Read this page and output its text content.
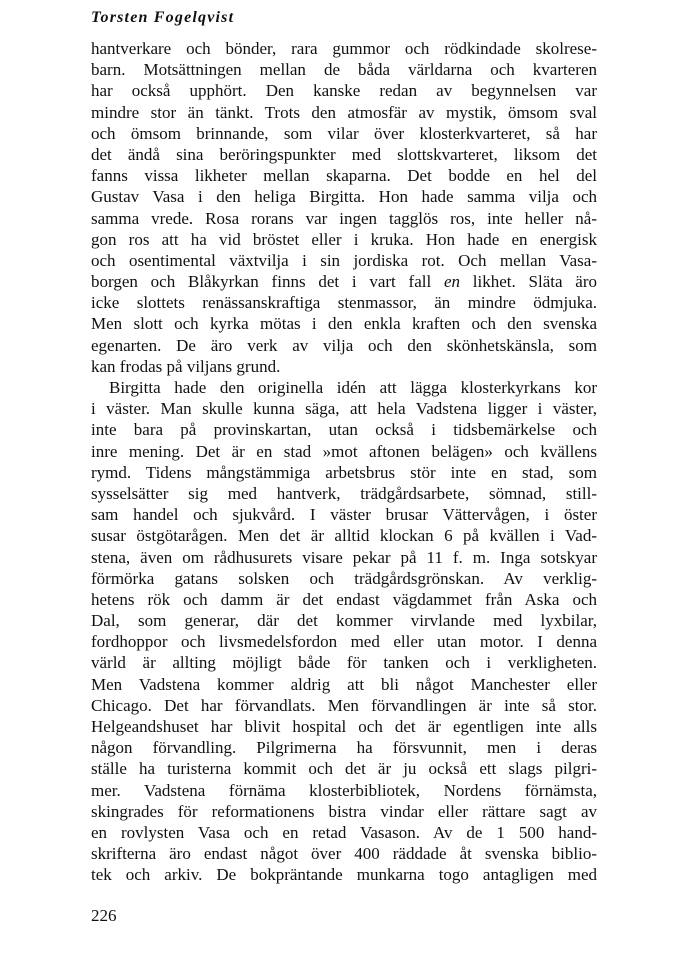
Torsten Fogelqvist
hantverkare och bönder, rara gummor och rödkindade skolrese-
barn. Motsättningen mellan de båda världarna och kvarteren
har också upphört. Den kanske redan av begynnelsen var
mindre stor än tänkt. Trots den atmosfär av mystik, ömsom sval
och ömsom brinnande, som vilar över klosterkvarteret, så har
det ändå sina beröringspunkter med slottskvarteret, liksom det
fanns vissa likheter mellan skaparna. Det bodde en hel del
Gustav Vasa i den heliga Birgitta. Hon hade samma vilja och
samma vrede. Rosa rorans var ingen tagglös ros, inte heller nå-
gon ros att ha vid bröstet eller i kruka. Hon hade en energisk
och osentimental växtvilja i sin jordiska rot. Och mellan Vasa-
borgen och Blåkyrkan finns det i vart fall en likhet. Släta äro
icke slottets renässanskraftiga stenmassor, än mindre ödmjuka.
Men slott och kyrka mötas i den enkla kraften och den svenska
egenarten. De äro verk av vilja och den skönhetskänsla, som
kan frodas på viljans grund.
Birgitta hade den originella idén att lägga klosterkyrkans kor
i väster. Man skulle kunna säga, att hela Vadstena ligger i väster,
inte bara på provinskartan, utan också i tidsbemärkelse och
inre mening. Det är en stad »mot aftonen belägen» och kvällens
rymd. Tidens mångstämmiga arbetsbrus stör inte en stad, som
sysselsätter sig med hantverk, trädgårdsarbete, sömnad, still-
sam handel och sjukvård. I väster brusar Vättervågen, i öster
susar östgötarågen. Men det är alltid klockan 6 på kvällen i Vad-
stena, även om rådhusurets visare pekar på 11 f. m. Inga sotskyar
förmörka gatans solsken och trädgårdsgrönskan. Av verklig-
hetens rök och damm är det endast vägdammet från Aska och
Dal, som generar, där det kommer virvlande med lyxbilar,
fordhoppor och livsmedelsfordon med eller utan motor. I denna
värld är allting möjligt både för tanken och i verkligheten.
Men Vadstena kommer aldrig att bli något Manchester eller
Chicago. Det har förvandlats. Men förvandlingen är inte så stor.
Helgeandshuset har blivit hospital och det är egentligen inte alls
någon förvandling. Pilgrimerna ha försvunnit, men i deras
ställe ha turisterna kommit och det är ju också ett slags pilgri-
mer. Vadstena förnäma klosterbibliotek, Nordens förnämsta,
skingrades för reformationens bistra vindar eller rättare sagt av
en rovlysten Vasa och en retad Vasason. Av de 1 500 hand-
skrifterna äro endast något över 400 räddade åt svenska biblio-
tek och arkiv. De bokpräntande munkarna togo antagligen med
226
